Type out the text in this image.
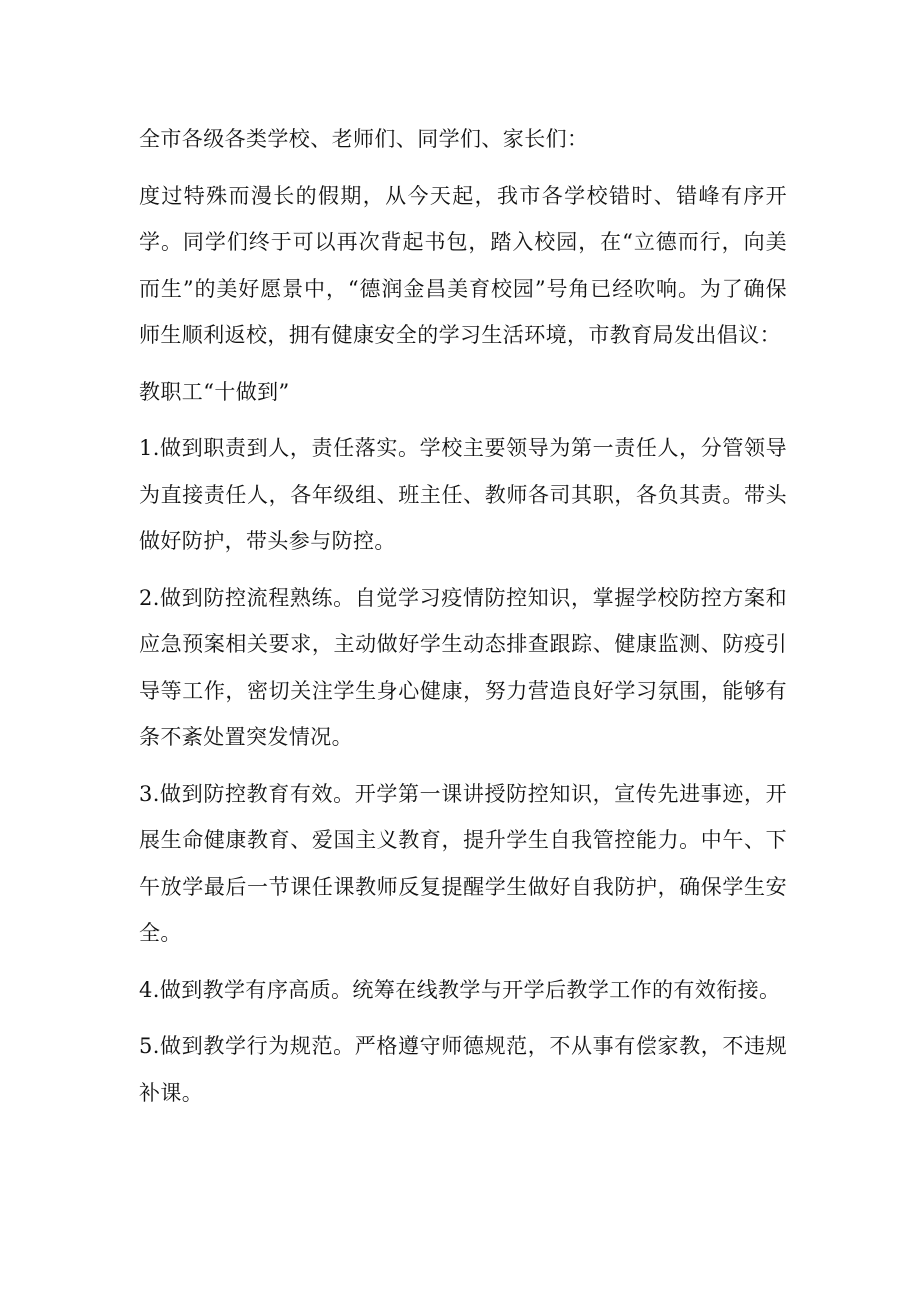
全市各级各类学校、老师们、同学们、家长们：

度过特殊而漫长的假期，从今天起，我市各学校错时、错峰有序开学。同学们终于可以再次背起书包，踏入校园，在“立德而行，向美而生”的美好愿景中，“德润金昌美育校园”号角已经吹响。为了确保师生顺利返校，拥有健康安全的学习生活环境，市教育局发出倡议：

教职工“十做到”

1.做到职责到人，责任落实。学校主要领导为第一责任人，分管领导为直接责任人，各年级组、班主任、教师各司其职，各负其责。带头做好防护，带头参与防控。

2.做到防控流程熟练。自觉学习疫情防控知识，掌握学校防控方案和应急预案相关要求，主动做好学生动态排查跟踪、健康监测、防疫引导等工作，密切关注学生身心健康，努力营造良好学习氛围，能够有条不紊处置突发情况。

3.做到防控教育有效。开学第一课讲授防控知识，宣传先进事迹，开展生命健康教育、爱国主义教育，提升学生自我管控能力。中午、下午放学最后一节课任课教师反复提醒学生做好自我防护，确保学生安全。

4.做到教学有序高质。统筹在线教学与开学后教学工作的有效衔接。

5.做到教学行为规范。严格遵守师德规范，不从事有偿家教，不违规补课。
